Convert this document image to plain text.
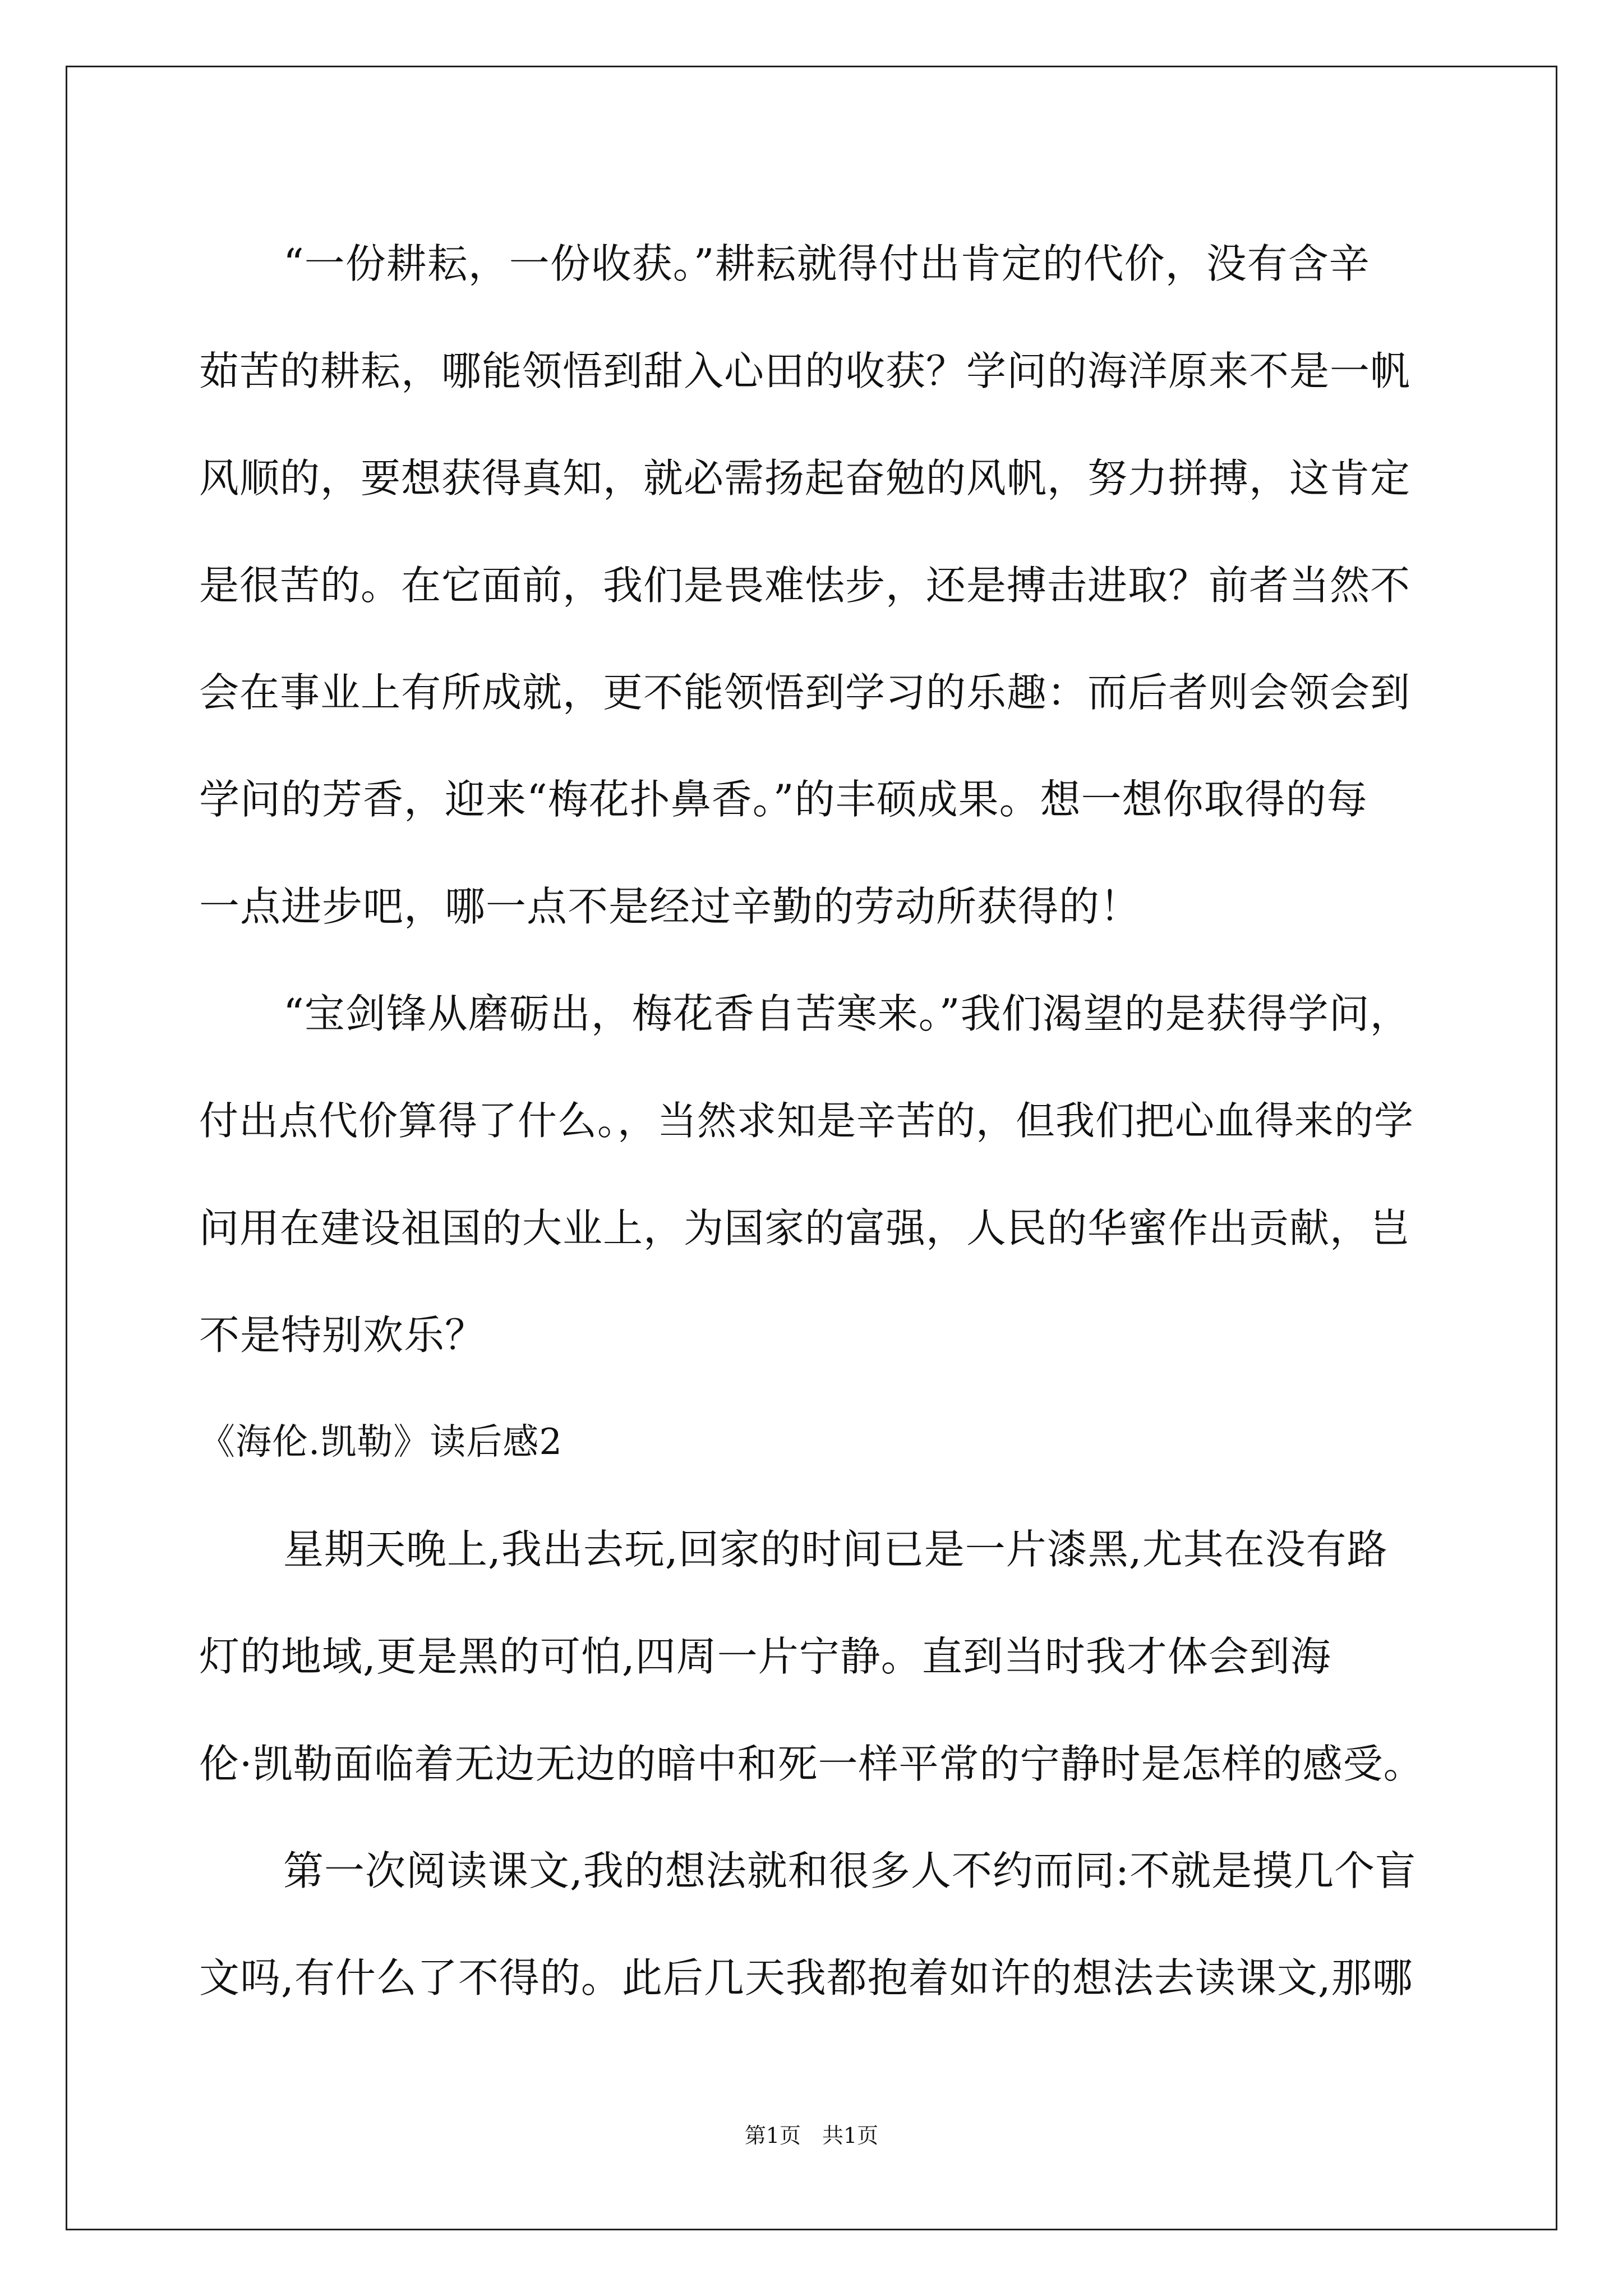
“一份耕耘，一份收获。”耕耘就得付出肯定的代价，没有含辛
茹苦的耕耘，哪能领悟到甜入心田的收获？学问的海洋原来不是一帆
风顺的，要想获得真知，就必需扬起奋勉的风帆，努力拼搏，这肯定
是很苦的。在它面前，我们是畏难怯步，还是搏击进取？前者当然不
会在事业上有所成就，更不能领悟到学习的乐趣：而后者则会领会到
学问的芳香，迎来“梅花扑鼻香。”的丰硕成果。想一想你取得的每
一点进步吧，哪一点不是经过辛勤的劳动所获得的！
“宝剑锋从磨砺出，梅花香自苦寒来。”我们渴望的是获得学问，
付出点代价算得了什么。，当然求知是辛苦的，但我们把心血得来的学
问用在建设祖国的大业上，为国家的富强，人民的华蜜作出贡献，岂
不是特别欢乐？
《海伦.凯勒》读后感2
星期天晚上,我出去玩,回家的时间已是一片漆黑,尤其在没有路
灯的地域,更是黑的可怕,四周一片宁静。直到当时我才体会到海
伦·凯勒面临着无边无边的暗中和死一样平常的宁静时是怎样的感受。
第一次阅读课文,我的想法就和很多人不约而同:不就是摸几个盲
文吗,有什么了不得的。此后几天我都抱着如许的想法去读课文,那哪
第1页　共1页
